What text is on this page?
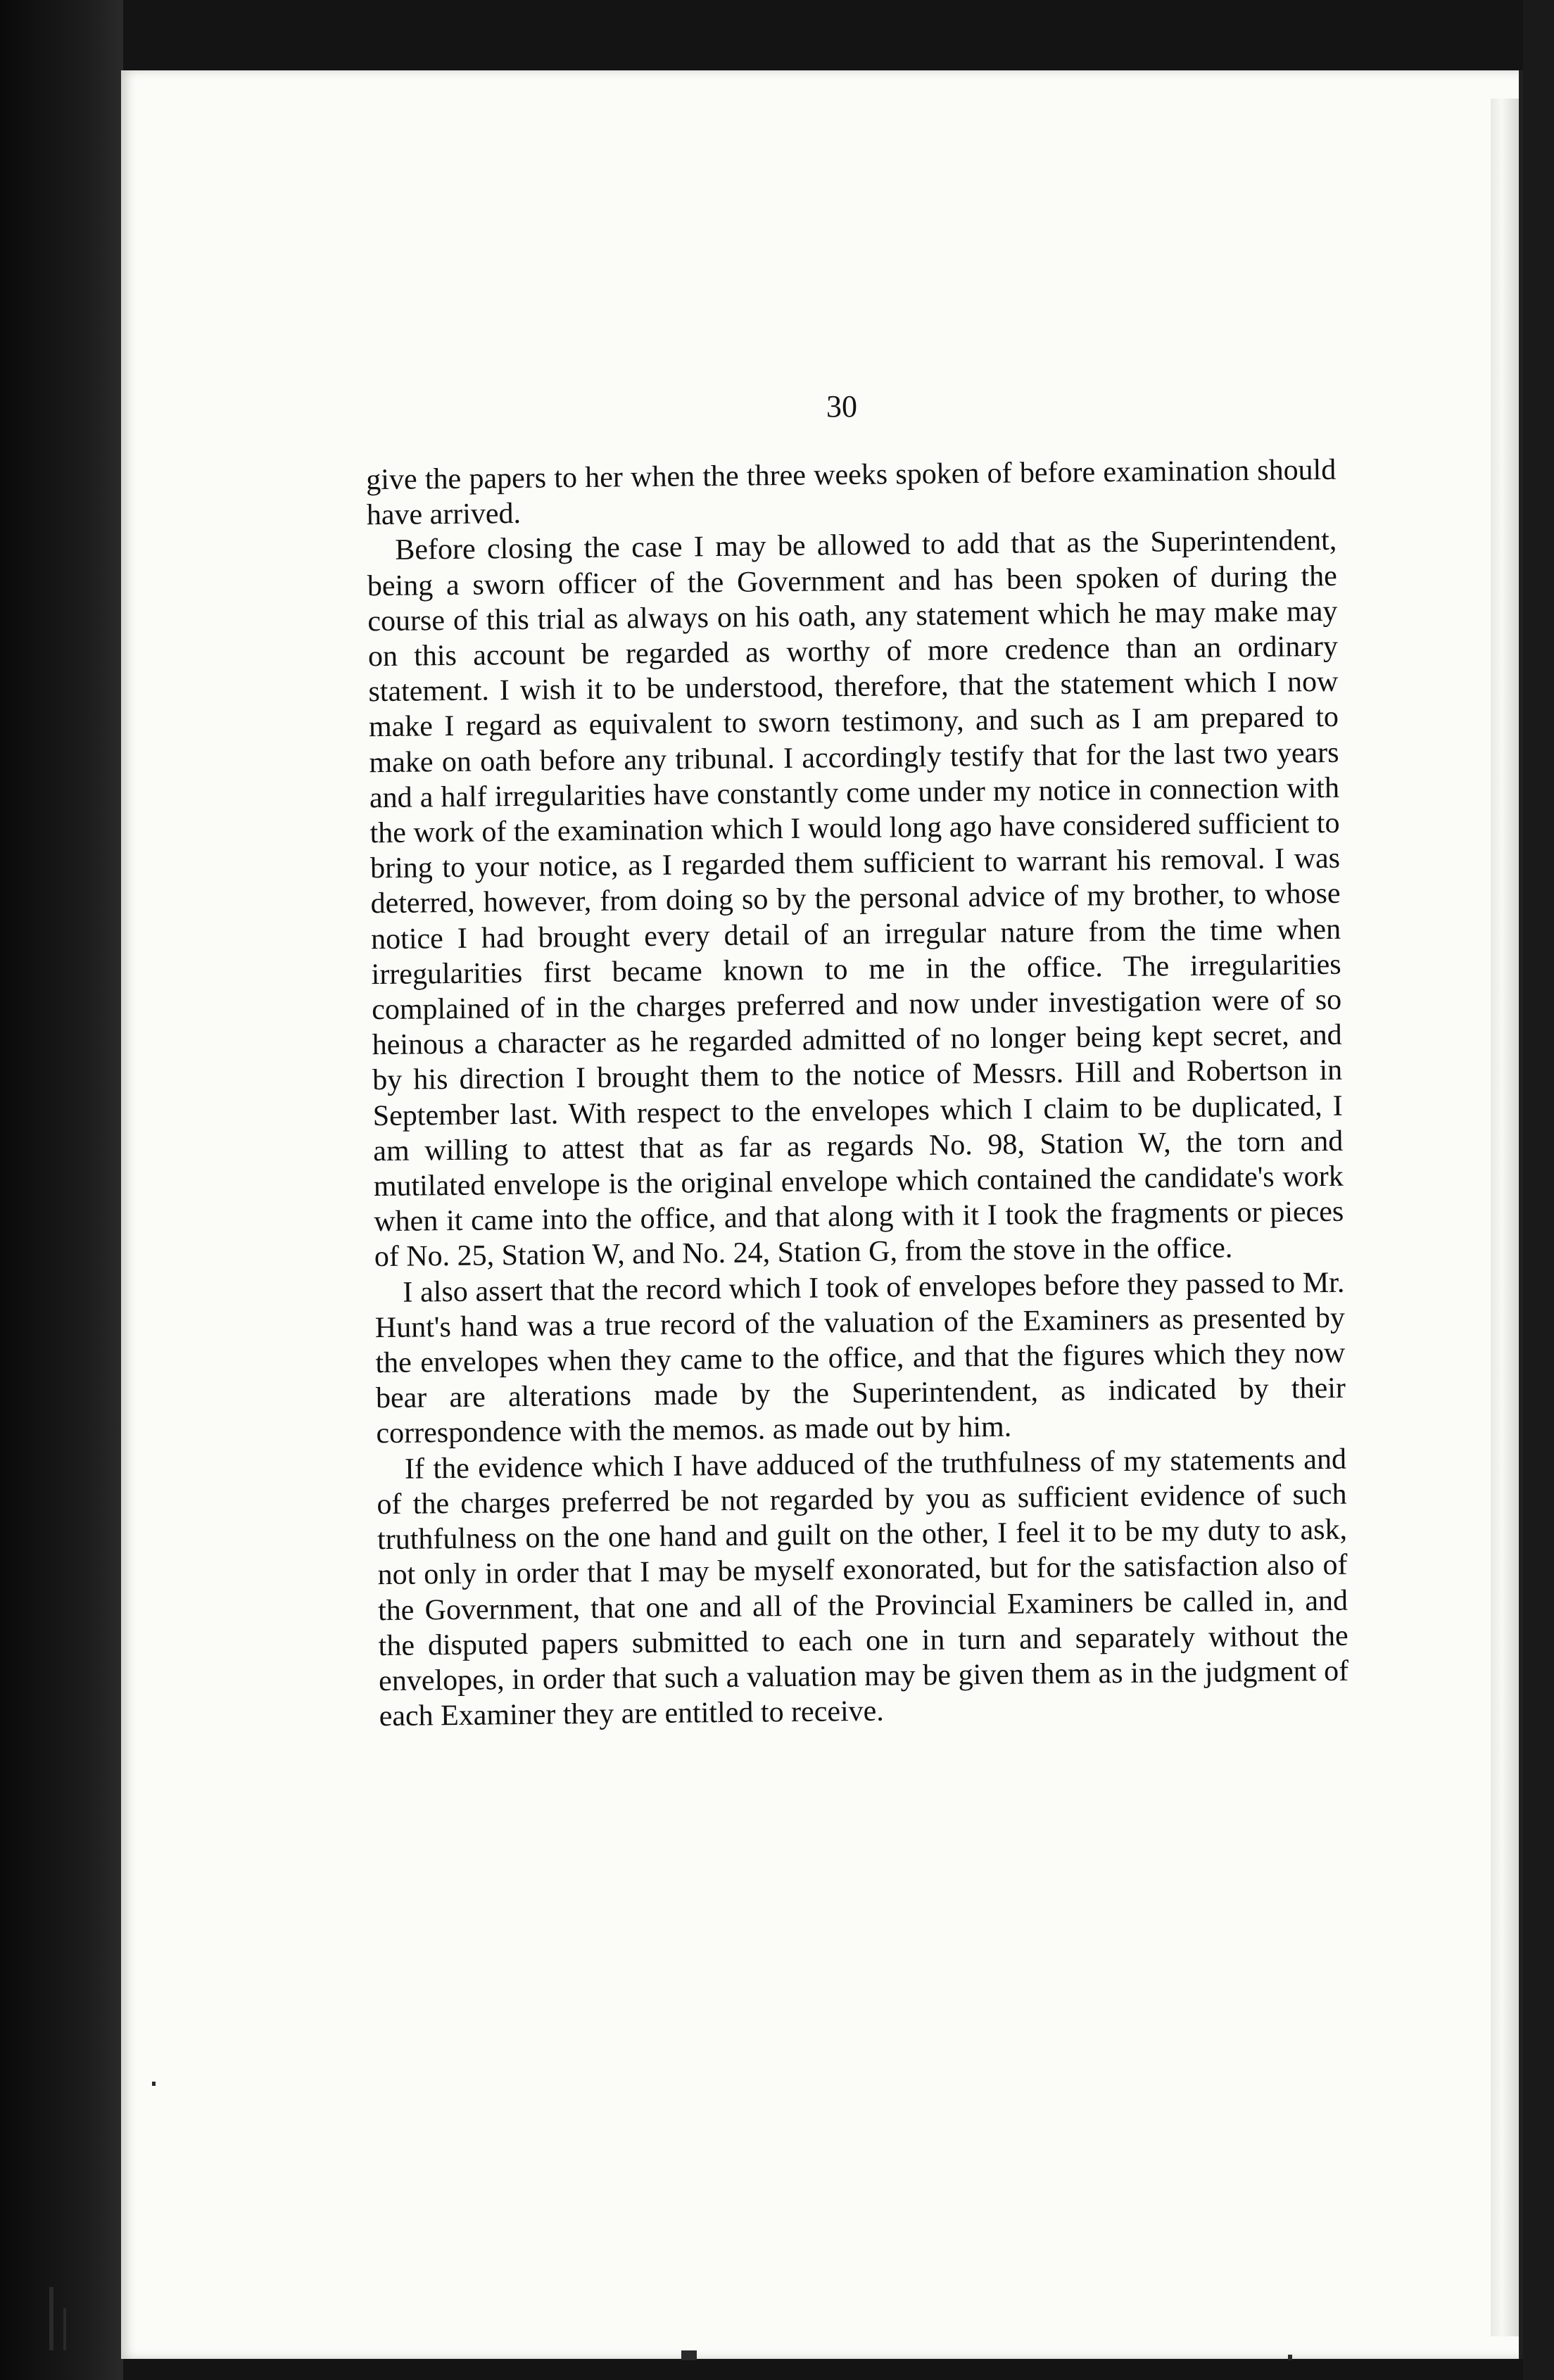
30

give the papers to her when the three weeks spoken of before examination should have arrived.

Before closing the case I may be allowed to add that as the Superintendent, being a sworn officer of the Government and has been spoken of during the course of this trial as always on his oath, any statement which he may make may on this account be regarded as worthy of more credence than an ordinary statement. I wish it to be understood, therefore, that the statement which I now make I regard as equivalent to sworn testimony, and such as I am prepared to make on oath before any tribunal. I accordingly testify that for the last two years and a half irregularities have constantly come under my notice in connection with the work of the examination which I would long ago have considered sufficient to bring to your notice, as I regarded them sufficient to warrant his removal. I was deterred, however, from doing so by the personal advice of my brother, to whose notice I had brought every detail of an irregular nature from the time when irregularities first became known to me in the office. The irregularities complained of in the charges preferred and now under investigation were of so heinous a character as he regarded admitted of no longer being kept secret, and by his direction I brought them to the notice of Messrs. Hill and Robertson in September last. With respect to the envelopes which I claim to be duplicated, I am willing to attest that as far as regards No. 98, Station W, the torn and mutilated envelope is the original envelope which contained the candidate's work when it came into the office, and that along with it I took the fragments or pieces of No. 25, Station W, and No. 24, Station G, from the stove in the office.

I also assert that the record which I took of envelopes before they passed to Mr. Hunt's hand was a true record of the valuation of the Examiners as presented by the envelopes when they came to the office, and that the figures which they now bear are alterations made by the Superintendent, as indicated by their correspondence with the memos. as made out by him.

If the evidence which I have adduced of the truthfulness of my statements and of the charges preferred be not regarded by you as sufficient evidence of such truthfulness on the one hand and guilt on the other, I feel it to be my duty to ask, not only in order that I may be myself exonorated, but for the satisfaction also of the Government, that one and all of the Provincial Examiners be called in, and the disputed papers submitted to each one in turn and separately without the envelopes, in order that such a valuation may be given them as in the judgment of each Examiner they are entitled to receive.
